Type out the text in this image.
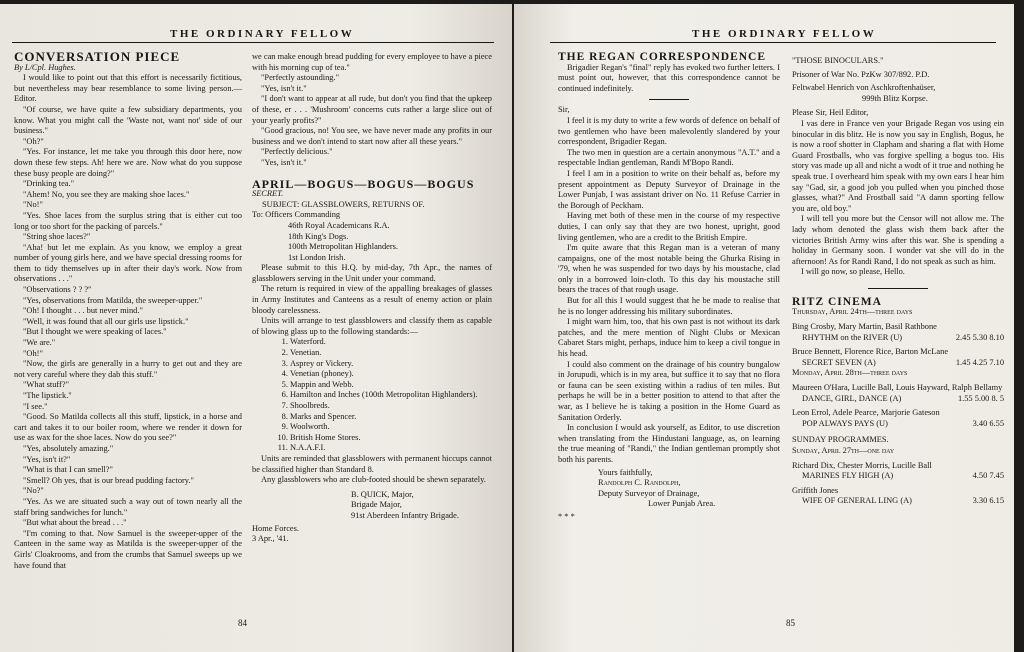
THE ORDINARY FELLOW

CONVERSATION PIECE

By L/Cpl. Hughes.

I would like to point out that this effort is necessarily fictitious, but nevertheless may bear resemblance to some living person.—Editor.

"Of course, we have quite a few subsidiary departments, you know. What you might call the 'Waste not, want not' side of our business."

"Oh?"

"Yes. For instance, let me take you through this door here, now down these few steps. Ah! here we are. Now what do you suppose these busy people are doing?"

"Drinking tea."

"Ahem! No, you see they are making shoe laces."

"No!"

"Yes. Shoe laces from the surplus string that is either cut too long or too short for the packing of parcels."

"String shoe laces?"

"Aha! but let me explain. As you know, we employ a great number of young girls here, and we have special dressing rooms for them to tidy themselves up in after their day's work. Now from observations . . ."

"Observations ? ? ?"

"Yes, observations from Matilda, the sweeper-upper."

"Oh! I thought . . . but never mind."

"Well, it was found that all our girls use lipstick."

"But I thought we were speaking of laces."

"We are."

"Oh!"

"Now, the girls are generally in a hurry to get out and they are not very careful where they dab this stuff."

"What stuff?"

"The lipstick."

"I see."

"Good. So Matilda collects all this stuff, lipstick, in a horse and cart and takes it to our boiler room, where we render it down for use as wax for the shoe laces. Now do you see?"

"Yes, absolutely amazing."

"Yes, isn't it?"

"What is that I can smell?"

"Smell? Oh yes, that is our bread pudding factory."

"No?"

"Yes. As we are situated such a way out of town nearly all the staff bring sandwiches for lunch."

"But what about the bread . . ."

"I'm coming to that. Now Samuel is the sweeper-upper of the Canteen in the same way as Matilda is the sweeper-upper of the Girls' Cloakrooms, and from the crumbs that Samuel sweeps up we have found that

we can make enough bread pudding for every employee to have a piece with his morning cup of tea."

"Perfectly astounding."

"Yes, isn't it."

"I don't want to appear at all rude, but don't you find that the upkeep of these, er . . . 'Mushroom' concerns cuts rather a large slice out of your yearly profits?"

"Good gracious, no! You see, we have never made any profits in our business and we don't intend to start now after all these years."

"Perfectly delicious."

"Yes, isn't it."

APRIL—BOGUS—BOGUS—BOGUS

SECRET.

SUBJECT: GLASSBLOWERS, RETURNS OF.

To: Officers Commanding

46th Royal Academicans R.A.

18th King's Dogs.

100th Metropolitan Highlanders.

1st London Irish.

Please submit to this H.Q. by mid-day, 7th Apr., the names of glassblowers serving in the Unit under your command.

The return is required in view of the appalling breakages of glasses in Army Institutes and Canteens as a result of enemy action or plain bloody carelessness.

Units will arrange to test glassblowers and classify them as capable of blowing glass up to the following standards:—

1. Waterford.
2. Venetian.
3. Asprey or Vickery.
4. Venetian (phoney).
5. Mappin and Webb.
6. Hamilton and Inches (100th Metropolitan Highlanders).
7. Shoolbreds.
8. Marks and Spencer.
9. Woolworth.
10. British Home Stores.
11. N.A.A.F.I.

Units are reminded that glassblowers with permanent hiccups cannot be classified higher than Standard 8.

Any glassblowers who are club-footed should be shewn separately.

B. QUICK, Major,

Brigade Major,

91st Aberdeen Infantry Brigade.

Home Forces.

3 Apr., '41.

84
THE ORDINARY FELLOW

THE REGAN CORRESPONDENCE

Brigadier Regan's "final" reply has evoked two further letters. I must point out, however, that this correspondence cannot be continued indefinitely.

Sir,

I feel it is my duty to write a few words of defence on behalf of two gentlemen who have been malevolently slandered by your correspondent, Brigadier Regan.

The two men in question are a certain anonymous "A.T." and a respectable Indian gentleman, Randi M'Bopo Randi.

I feel I am in a position to write on their behalf as, before my present appointment as Deputy Surveyor of Drainage in the Lower Punjab, I was assistant driver on No. 11 Refuse Carrier in the Borough of Peckham.

Having met both of these men in the course of my respective duties, I can only say that they are two honest, upright, good living gentlemen, who are a credit to the British Empire.

I'm quite aware that this Regan man is a veteran of many campaigns, one of the most notable being the Ghurka Rising in '79, when he was suspended for two days by his moustache, clad only in a borrowed loin-cloth. To this day his moustache still bears the traces of that rough usage.

But for all this I would suggest that he be made to realise that he is no longer addressing his military subordinates.

I might warn him, too, that his own past is not without its dark patches, and the mere mention of Night Clubs or Mexican Cabaret Stars might, perhaps, induce him to keep a civil tongue in his head.

I could also comment on the drainage of his country bungalow in Jorupudi, which is in my area, but suffice it to say that no flora or fauna can be seen existing within a radius of ten miles. But perhaps he will be in a better position to attend to that after the war, as I believe he is taking a position in the Home Guard as Sanitation Orderly.

In conclusion I would ask yourself, as Editor, to use discretion when translating from the Hindustani language, as, on learning the true meaning of "Randi," the Indian gentleman promptly shot both his parents.

Yours faithfully,

Randolph C. Randolph,

Deputy Surveyor of Drainage,

Lower Punjab Area.

* * *

"THOSE BINOCULARS."

Prisoner of War No. PzKw 307/892. P.D.

Feltwabel Henrich von Aschkroftenhaüser,

999th Blitz Korpse.

Please Sir, Heil Editor,

I vas dere in France ven your Brigade Regan vos using ein binocular in dis blitz. He is now you say in English, Bogus, he is now a roof shotter in Clapham and sharing a flat with Home Guard Frostballs, who vas forgive spelling a bogus too. His story vas made up all and nicht a wodt of it true and nothing he speak true. I overheard him speak with my own ears I hear him say "Gad, sir, a good job you pulled when you pinched those glasses, what?" And Frostball said "A damn sporting fellow you are, old boy."

I will tell you more but the Censor will not allow me. The lady whom denoted the glass wish them back after the victories British Army wins after this war. She is spending a holiday in Germany soon. I wonder vat she vill do in the afternoon! As for Randi Rand, I do not speak as such as him.

I will go now, so please, Hello.

RITZ CINEMA

Thursday, April 24th—three days

Bing Crosby, Mary Martin, Basil Rathbone

RHYTHM on the RIVER (U)	2.45 5.30 8.10

Bruce Bennett, Florence Rice, Barton McLane

SECRET SEVEN (A)	1.45 4.25 7.10

Monday, April 28th—three days

Maureen O'Hara, Lucille Ball, Louis Hayward, Ralph Bellamy

DANCE, GIRL, DANCE (A)	1.55 5.00 8. 5

Leon Errol, Adele Pearce, Marjorie Gateson

POP ALWAYS PAYS (U)	3.40 6.55

SUNDAY PROGRAMMES.

Sunday, April 27th—one day

Richard Dix, Chester Morris, Lucille Ball

MARINES FLY HIGH (A)	4.50 7.45

Griffith Jones

WIFE OF GENERAL LING (A)	3.30 6.15
85
